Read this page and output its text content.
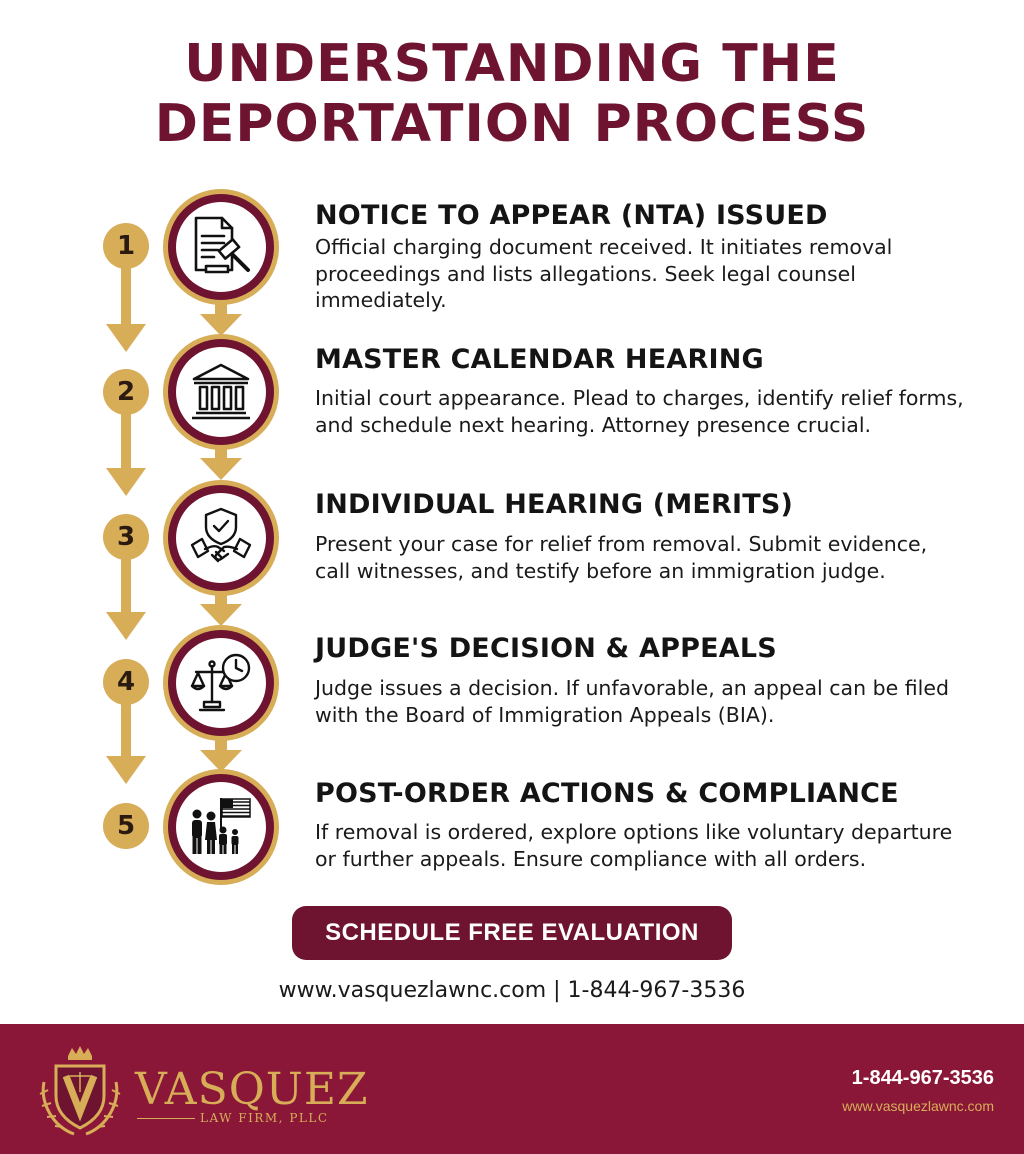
UNDERSTANDING THE
DEPORTATION PROCESS
1
NOTICE TO APPEAR (NTA) ISSUED
Official charging document received. It initiates removal proceedings and lists allegations. Seek legal counsel immediately.
2
MASTER CALENDAR HEARING
Initial court appearance. Plead to charges, identify relief forms, and schedule next hearing. Attorney presence crucial.
3
INDIVIDUAL HEARING (MERITS)
Present your case for relief from removal. Submit evidence, call witnesses, and testify before an immigration judge.
4
JUDGE'S DECISION & APPEALS
Judge issues a decision. If unfavorable, an appeal can be filed with the Board of Immigration Appeals (BIA).
5
POST-ORDER ACTIONS & COMPLIANCE
If removal is ordered, explore options like voluntary departure or further appeals. Ensure compliance with all orders.
SCHEDULE FREE EVALUATION
www.vasquezlawnc.com | 1-844-967-3536
VASQUEZ
LAW FIRM, PLLC
1-844-967-3536
www.vasquezlawnc.com
